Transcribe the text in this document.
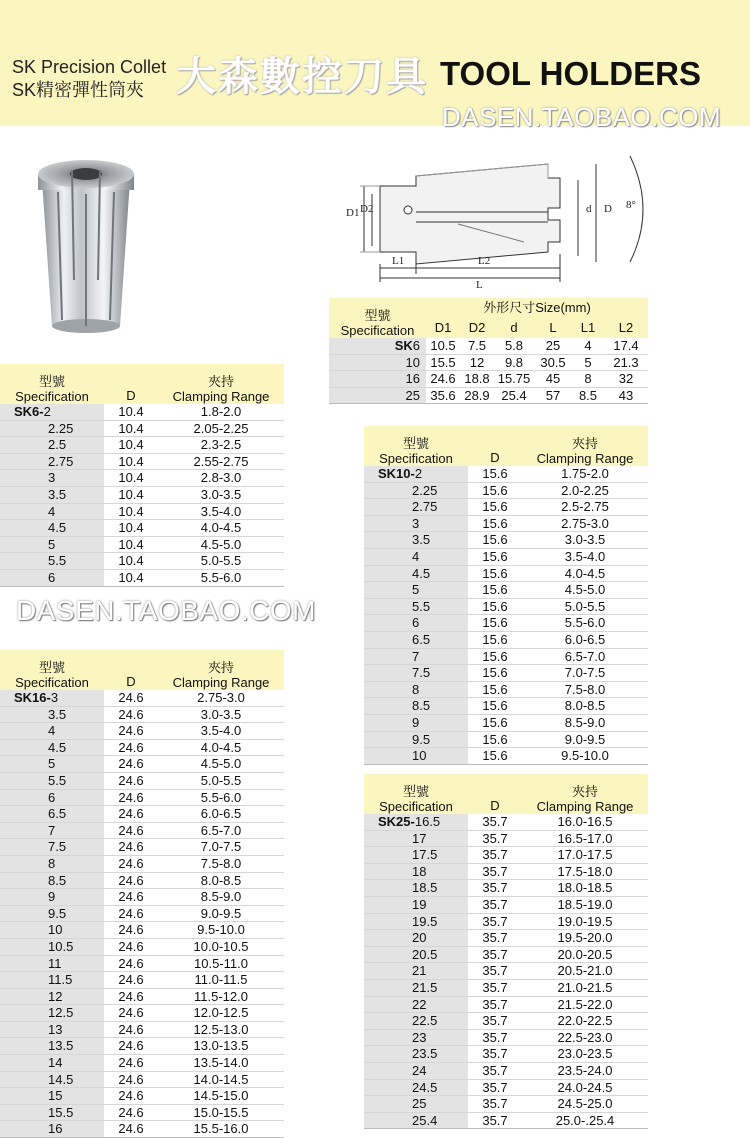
SK Precision Collet
SK精密彈性筒夾 大森數控刀具 TOOL HOLDERS
DASEN.TAOBAO.COM
D1 D2	d D 8°
L1	L2
L
型號
Specification	外形尺寸Size(mm)					
	D1	D2	d	L	L1	L2
SK6	10.5	7.5	5.8	25	4	17.4
10	15.5	12	9.8	30.5	5	21.3
16	24.6	18.8	15.75	45	8	32
25	35.6	28.9	25.4	57	8.5	43
型號
Specification	D	夾持
Clamping Range

SK6-2	10.4	1.8-2.0
2.25	10.4	2.05-2.25
2.5	10.4	2.3-2.5
2.75	10.4	2.55-2.75
3	10.4	2.8-3.0
3.5	10.4	3.0-3.5
4	10.4	3.5-4.0
4.5	10.4	4.0-4.5
5	10.4	4.5-5.0
5.5	10.4	5.0-5.5
6	10.4	5.5-6.0
型號
Specification	D	夾持
Clamping Range

SK10-2	15.6	1.75-2.0
2.25	15.6	2.0-2.25
2.75	15.6	2.5-2.75
3	15.6	2.75-3.0
3.5	15.6	3.0-3.5
4	15.6	3.5-4.0
4.5	15.6	4.0-4.5
5	15.6	4.5-5.0
5.5	15.6	5.0-5.5
6	15.6	5.5-6.0
6.5	15.6	6.0-6.5
7	15.6	6.5-7.0
7.5	15.6	7.0-7.5
8	15.6	7.5-8.0
8.5	15.6	8.0-8.5
9	15.6	8.5-9.0
9.5	15.6	9.0-9.5
10	15.6	9.5-10.0
DASEN.TAOBAO.COM
型號
Specification	D	夾持
Clamping Range

SK16-3	24.6	2.75-3.0
3.5	24.6	3.0-3.5
4	24.6	3.5-4.0
4.5	24.6	4.0-4.5
5	24.6	4.5-5.0
5.5	24.6	5.0-5.5
6	24.6	5.5-6.0
6.5	24.6	6.0-6.5
7	24.6	6.5-7.0
7.5	24.6	7.0-7.5
8	24.6	7.5-8.0
8.5	24.6	8.0-8.5
9	24.6	8.5-9.0
9.5	24.6	9.0-9.5
10	24.6	9.5-10.0
10.5	24.6	10.0-10.5
11	24.6	10.5-11.0
11.5	24.6	11.0-11.5
12	24.6	11.5-12.0
12.5	24.6	12.0-12.5
13	24.6	12.5-13.0
13.5	24.6	13.0-13.5
14	24.6	13.5-14.0
14.5	24.6	14.0-14.5
15	24.6	14.5-15.0
15.5	24.6	15.0-15.5
16	24.6	15.5-16.0
型號
Specification	D	夾持
Clamping Range

SK25-16.5	35.7	16.0-16.5
17	35.7	16.5-17.0
17.5	35.7	17.0-17.5
18	35.7	17.5-18.0
18.5	35.7	18.0-18.5
19	35.7	18.5-19.0
19.5	35.7	19.0-19.5
20	35.7	19.5-20.0
20.5	35.7	20.0-20.5
21	35.7	20.5-21.0
21.5	35.7	21.0-21.5
22	35.7	21.5-22.0
22.5	35.7	22.0-22.5
23	35.7	22.5-23.0
23.5	35.7	23.0-23.5
24	35.7	23.5-24.0
24.5	35.7	24.0-24.5
25	35.7	24.5-25.0
25.4	35.7	25.0-.25.4
